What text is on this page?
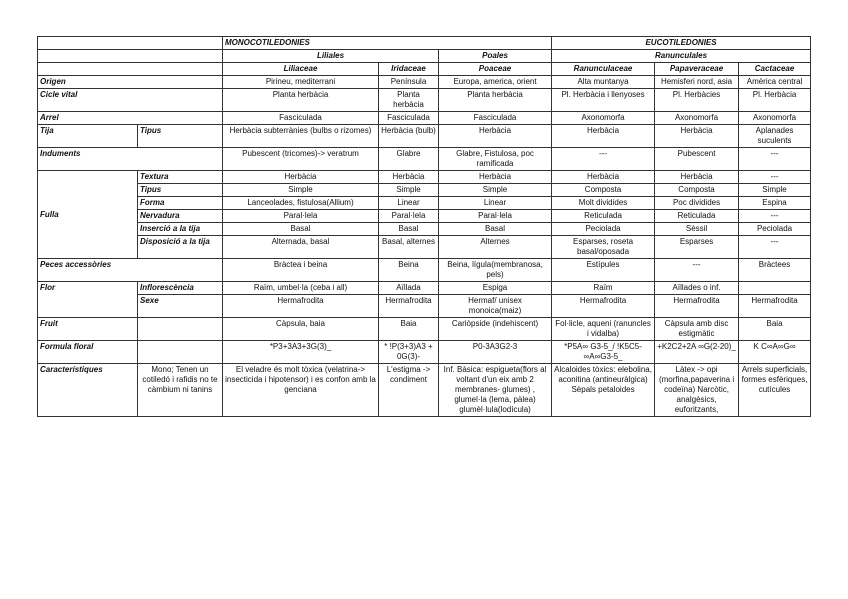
		MONOCOTILEDONIES			EUCOTILEDONIES		
		Liliales		Poales	Ranunculales		
		Liliaceae	Iridaceae	Poaceae	Ranunculaceae	Papaveraceae	Cactaceae
Origen		Pirineu, mediterrani	Península	Europa, america, orient	Alta muntanya	Hemisferi nord, asia	Amèrica central
Cicle vital		Planta herbàcia	Planta herbàcia	Planta herbàcia	Pl. Herbàcia i llenyoses	Pl. Herbàcies	Pl. Herbàcia
Arrel		Fasciculada	Fasciculada	Fasciculada	Axonomorfa	Axonomorfa	Axonomorfa
Tija	Tipus	Herbàcia subterrànies (bulbs o rizomes)	Herbàcia (bulb)	Herbàcia	Herbàcia	Herbàcia	Aplanades suculents
Induments		Pubescent (tricomes)-> veratrum	Glabre	Glabre, Fistulosa, poc ramificada	---	Pubescent	---
Fulla	Textura	Herbàcia	Herbàcia	Herbàcia	Herbàcia	Herbàcia	---
	Tipus	Simple	Simple	Simple	Composta	Composta	Simple
	Forma	Lanceolades, fistulosa(Allium)	Linear	Linear	Molt dividides	Poc dividides	Espina
	Nervadura	Paral·lela	Paral·lela	Paral·lela	Reticulada	Reticulada	---
	Inserció a la tija	Basal	Basal	Basal	Peciolada	Sèssil	Peciolada
	Disposició a la tija	Alternada, basal	Basal, alternes	Alternes	Esparses, roseta basal/oposada	Esparses	---
Peces accessòries		Bràctea i beina	Beina	Beina, lígula(membranosa, pels)	Estípules	---	Bràctees
Flor	Inflorescència	Raïm, umbel·la (ceba i all)	Aïllada	Espiga	Raïm	Aïllades o inf.	
	Sexe	Hermafrodita	Hermafrodita	Hermaf/ unisex monoica(maiz)	Hermafrodita	Hermafrodita	Hermafrodita
Fruit		Càpsula, baia	Baia	Cariòpside (indehiscent)	Fol·licle, aqueni (ranuncles i vidalba)	Càpsula amb disc estigmàtic	Baia
Formula floral		*P3+3A3+3G(3)_	* !P(3+3)A3 + 0G(3)-	P0-3A3G2-3	*P5A∞ G3-5_/ !K5C5-∞A∞G3-5_	+K2C2+2A ∞G(2-20)_	K C∞A∞G∞
Característiques	Mono; Tenen un cotiledó i rafidis no te càmbium ni tanins	El veladre és molt tòxica (velatrina-> insecticida i hipotensor) i es confon amb la genciana	L'estigma -> condiment	Inf. Bàsica: espigueta(flors al voltant d'un eix amb 2 membranes- glumes) , glumel·la (lema, pàlea) glumèl·lula(lodícula)	Alcaloides tòxics: elebolina, aconitina (antineuràlgica) Sèpals petaloides	Làtex -> opi (morfina,papaverina i codeïna) Narcòtic, analgèsics, euforitzants,	Arrels superficials, formes esfèriques, cutícules
